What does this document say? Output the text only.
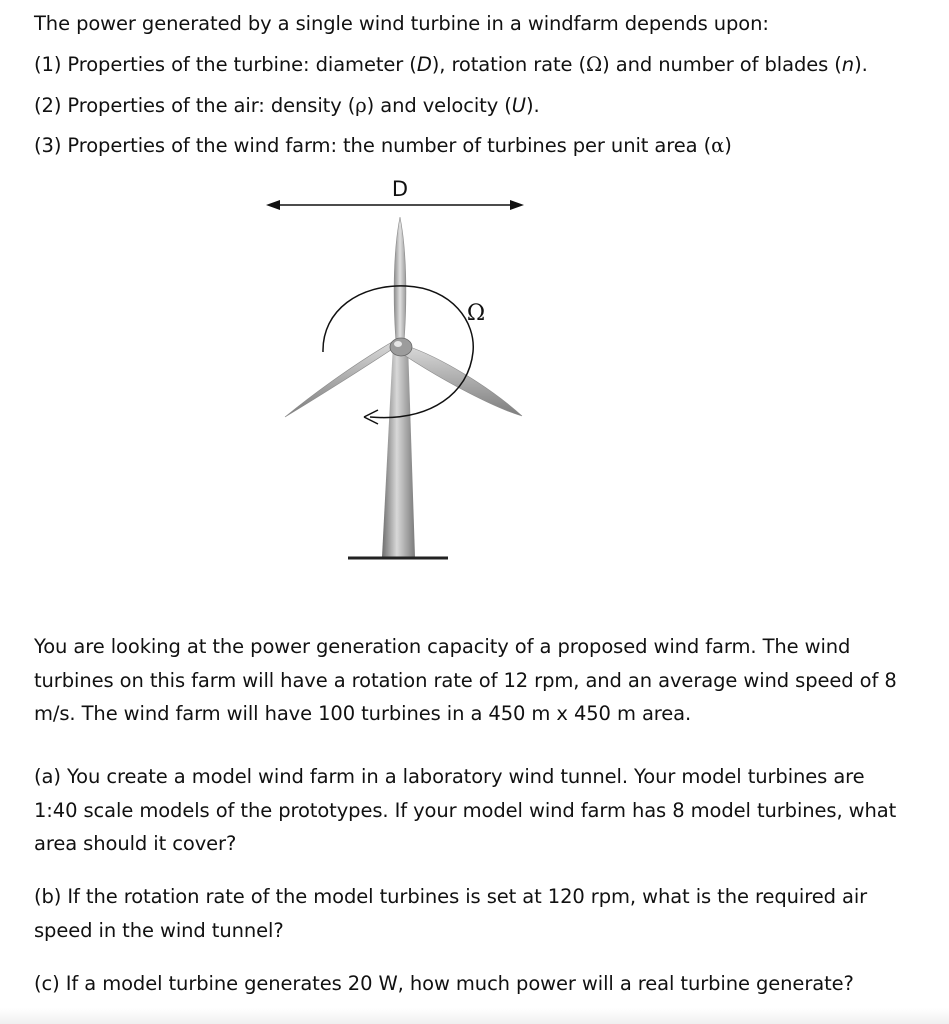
The power generated by a single wind turbine in a windfarm depends upon:
(1) Properties of the turbine: diameter (D), rotation rate (Ω) and number of blades (n).
(2) Properties of the air: density (ρ) and velocity (U).
(3) Properties of the wind farm: the number of turbines per unit area (α)
D
Ω
You are looking at the power generation capacity of a proposed wind farm. The wind turbines on this farm will have a rotation rate of 12 rpm, and an average wind speed of 8 m/s. The wind farm will have 100 turbines in a 450 m x 450 m area.
(a) You create a model wind farm in a laboratory wind tunnel. Your model turbines are 1:40 scale models of the prototypes. If your model wind farm has 8 model turbines, what area should it cover?
(b) If the rotation rate of the model turbines is set at 120 rpm, what is the required air speed in the wind tunnel?
(c) If a model turbine generates 20 W, how much power will a real turbine generate?
